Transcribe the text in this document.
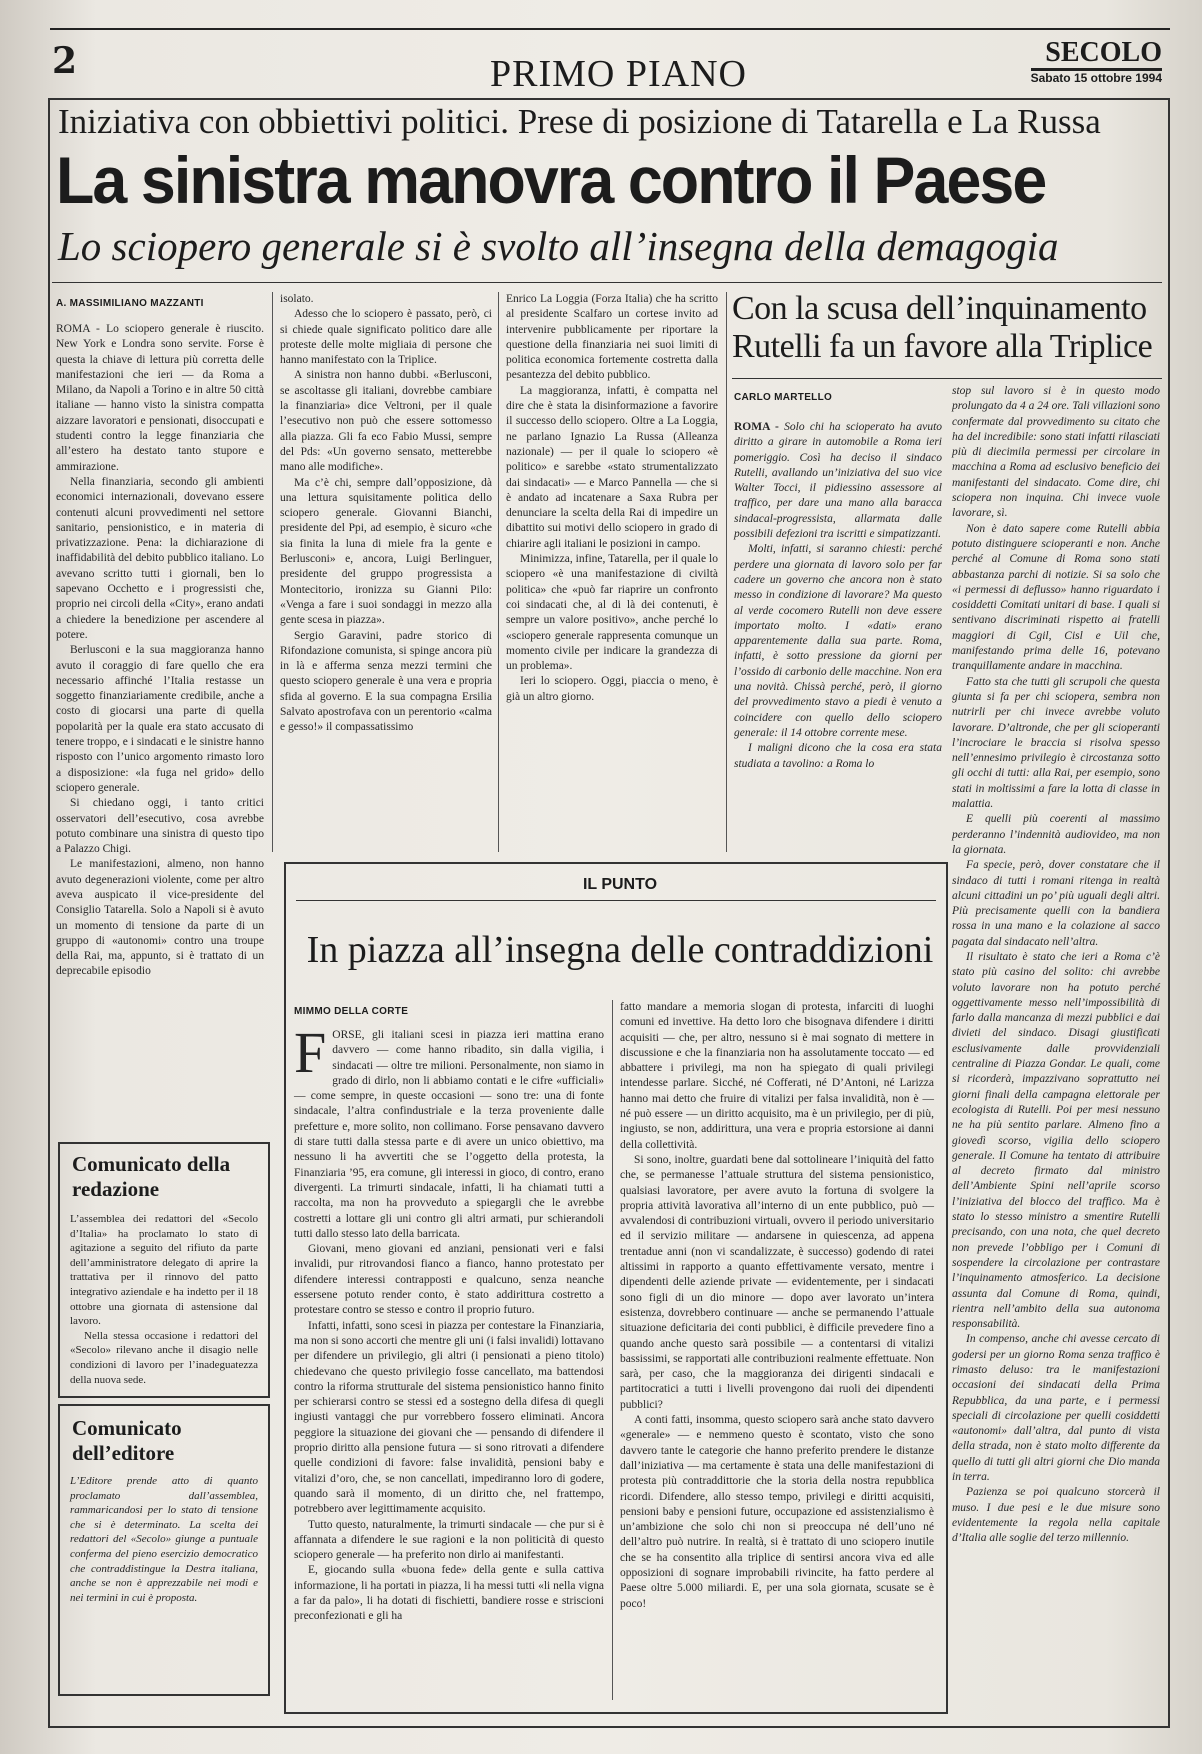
2	PRIMO PIANO
SECOLO
Sabato 15 ottobre 1994
Iniziativa con obbiettivi politici. Prese di posizione di Tatarella e La Russa
La sinistra manovra contro il Paese
Lo sciopero generale si è svolto all’insegna della demagogia
A. MASSIMILIANO MAZZANTI

ROMA - Lo sciopero generale è riuscito. New York e Londra sono servite. Forse è questa la chiave di lettura più corretta delle manifestazioni che ieri — da Roma a Milano, da Napoli a Torino e in altre 50 città italiane — hanno visto la sinistra compatta aizzare lavoratori e pensionati, disoccupati e studenti contro la legge finanziaria che all’estero ha destato tanto stupore e ammirazione.

Nella finanziaria, secondo gli ambienti economici internazionali, dovevano essere contenuti alcuni provvedimenti nel settore sanitario, pensionistico, e in materia di privatizzazione. Pena: la dichiarazione di inaffidabilità del debito pubblico italiano. Lo avevano scritto tutti i giornali, ben lo sapevano Occhetto e i progressisti che, proprio nei circoli della «City», erano andati a chiedere la benedizione per ascendere al potere.

Berlusconi e la sua maggioranza hanno avuto il coraggio di fare quello che era necessario affinché l’Italia restasse un soggetto finanziariamente credibile, anche a costo di giocarsi una parte di quella popolarità per la quale era stato accusato di tenere troppo, e i sindacati e le sinistre hanno risposto con l’unico argomento rimasto loro a disposizione: «la fuga nel grido» dello sciopero generale.

Si chiedano oggi, i tanto critici osservatori dell’esecutivo, cosa avrebbe potuto combinare una sinistra di questo tipo a Palazzo Chigi.

Le manifestazioni, almeno, non hanno avuto degenerazioni violente, come per altro aveva auspicato il vice-presidente del Consiglio Tatarella. Solo a Napoli si è avuto un momento di tensione da parte di un gruppo di «autonomi» contro una troupe della Rai, ma, appunto, si è trattato di un deprecabile episodio

isolato.

Adesso che lo sciopero è passato, però, ci si chiede quale significato politico dare alle proteste delle molte migliaia di persone che hanno manifestato con la Triplice.

A sinistra non hanno dubbi. «Berlusconi, se ascoltasse gli italiani, dovrebbe cambiare la finanziaria» dice Veltroni, per il quale l’esecutivo non può che essere sottomesso alla piazza. Gli fa eco Fabio Mussi, sempre del Pds: «Un governo sensato, metterebbe mano alle modifiche».

Ma c’è chi, sempre dall’opposizione, dà una lettura squisitamente politica dello sciopero generale. Giovanni Bianchi, presidente del Ppi, ad esempio, è sicuro «che sia finita la luna di miele fra la gente e Berlusconi» e, ancora, Luigi Berlinguer, presidente del gruppo progressista a Montecitorio, ironizza su Gianni Pilo: «Venga a fare i suoi sondaggi in mezzo alla gente scesa in piazza».

Sergio Garavini, padre storico di Rifondazione comunista, si spinge ancora più in là e afferma senza mezzi termini che questo sciopero generale è una vera e propria sfida al governo. E la sua compagna Ersilia Salvato apostrofava con un perentorio «calma e gesso!» il compassatissimo

Enrico La Loggia (Forza Italia) che ha scritto al presidente Scalfaro un cortese invito ad intervenire pubblicamente per riportare la questione della finanziaria nei suoi limiti di politica economica fortemente costretta dalla pesantezza del debito pubblico.

La maggioranza, infatti, è compatta nel dire che è stata la disinformazione a favorire il successo dello sciopero. Oltre a La Loggia, ne parlano Ignazio La Russa (Alleanza nazionale) — per il quale lo sciopero «è politico» e sarebbe «stato strumentalizzato dai sindacati» — e Marco Pannella — che si è andato ad incatenare a Saxa Rubra per denunciare la scelta della Rai di impedire un dibattito sui motivi dello sciopero in grado di chiarire agli italiani le posizioni in campo.

Minimizza, infine, Tatarella, per il quale lo sciopero «è una manifestazione di civiltà politica» che «può far riaprire un confronto coi sindacati che, al di là dei contenuti, è sempre un valore positivo», anche perché lo «sciopero generale rappresenta comunque un momento civile per indicare la grandezza di un problema».

Ieri lo sciopero. Oggi, piaccia o meno, è già un altro giorno.

Con la scusa dell’inquinamento Rutelli fa un favore alla Triplice
CARLO MARTELLO

ROMA - Solo chi ha scioperato ha avuto diritto a girare in automobile a Roma ieri pomeriggio. Così ha deciso il sindaco Rutelli, avallando un’iniziativa del suo vice Walter Tocci, il pidiessino assessore al traffico, per dare una mano alla baracca sindacal-progressista, allarmata dalle possibili defezioni tra iscritti e simpatizzanti.

Molti, infatti, si saranno chiesti: perché perdere una giornata di lavoro solo per far cadere un governo che ancora non è stato messo in condizione di lavorare? Ma questo al verde cocomero Rutelli non deve essere importato molto. I «dati» erano apparentemente dalla sua parte. Roma, infatti, è sotto pressione da giorni per l’ossido di carbonio delle macchine. Non era una novità. Chissà perché, però, il giorno del provvedimento stavo a piedi è venuto a coincidere con quello dello sciopero generale: il 14 ottobre corrente mese.

I maligni dicono che la cosa era stata studiata a tavolino: a Roma lo

stop sul lavoro si è in questo modo prolungato da 4 a 24 ore. Tali villazioni sono confermate dal provvedimento su citato che ha del incredibile: sono stati infatti rilasciati più di diecimila permessi per circolare in macchina a Roma ad esclusivo beneficio dei manifestanti del sindacato. Come dire, chi sciopera non inquina. Chi invece vuole lavorare, sì.

Non è dato sapere come Rutelli abbia potuto distinguere scioperanti e non. Anche perché al Comune di Roma sono stati abbastanza parchi di notizie. Si sa solo che «i permessi di deflusso» hanno riguardato i cosiddetti Comitati unitari di base. I quali si sentivano discriminati rispetto ai fratelli maggiori di Cgil, Cisl e Uil che, manifestando prima delle 16, potevano tranquillamente andare in macchina.

Fatto sta che tutti gli scrupoli che questa giunta si fa per chi sciopera, sembra non nutrirli per chi invece avrebbe voluto lavorare. D’altronde, che per gli scioperanti l’incrociare le braccia si risolva spesso nell’ennesimo privilegio è circostanza sotto gli occhi di tutti: alla Rai, per esempio, sono stati in moltissimi a fare la lotta di classe in malattia.

E quelli più coerenti al massimo perderanno l’indennità audiovideo, ma non la giornata.

Fa specie, però, dover constatare che il sindaco di tutti i romani ritenga in realtà alcuni cittadini un po’ più uguali degli altri. Più precisamente quelli con la bandiera rossa in una mano e la colazione al sacco pagata dal sindacato nell’altra.

Il risultato è stato che ieri a Roma c’è stato più casino del solito: chi avrebbe voluto lavorare non ha potuto perché oggettivamente messo nell’impossibilità di farlo dalla mancanza di mezzi pubblici e dai divieti del sindaco. Disagi giustificati esclusivamente dalle provvidenziali centraline di Piazza Gondar. Le quali, come si ricorderà, impazzivano soprattutto nei giorni finali della campagna elettorale per ecologista di Rutelli. Poi per mesi nessuno ne ha più sentito parlare. Almeno fino a giovedì scorso, vigilia dello sciopero generale. Il Comune ha tentato di attribuire al decreto firmato dal ministro dell’Ambiente Spini nell’aprile scorso l’iniziativa del blocco del traffico. Ma è stato lo stesso ministro a smentire Rutelli precisando, con una nota, che quel decreto non prevede l’obbligo per i Comuni di sospendere la circolazione per contrastare l’inquinamento atmosferico. La decisione assunta dal Comune di Roma, quindi, rientra nell’ambito della sua autonoma responsabilità.

In compenso, anche chi avesse cercato di godersi per un giorno Roma senza traffico è rimasto deluso: tra le manifestazioni occasioni dei sindacati della Prima Repubblica, da una parte, e i permessi speciali di circolazione per quelli cosiddetti «autonomi» dall’altra, dal punto di vista della strada, non è stato molto differente da quello di tutti gli altri giorni che Dio manda in terra.

Pazienza se poi qualcuno storcerà il muso. I due pesi e le due misure sono evidentemente la regola nella capitale d’Italia alle soglie del terzo millennio.

IL PUNTO
In piazza all’insegna delle contraddizioni
MIMMO DELLA CORTE

FORSE, gli italiani scesi in piazza ieri mattina erano davvero — come hanno ribadito, sin dalla vigilia, i sindacati — oltre tre milioni. Personalmente, non siamo in grado di dirlo, non li abbiamo contati e le cifre «ufficiali» — come sempre, in queste occasioni — sono tre: una di fonte sindacale, l’altra confindustriale e la terza proveniente dalle prefetture e, more solito, non collimano. Forse pensavano davvero di stare tutti dalla stessa parte e di avere un unico obiettivo, ma nessuno li ha avvertiti che se l’oggetto della protesta, la Finanziaria ’95, era comune, gli interessi in gioco, di contro, erano divergenti. La trimurti sindacale, infatti, li ha chiamati tutti a raccolta, ma non ha provveduto a spiegargli che le avrebbe costretti a lottare gli uni contro gli altri armati, pur schierandoli tutti dallo stesso lato della barricata.

Giovani, meno giovani ed anziani, pensionati veri e falsi invalidi, pur ritrovandosi fianco a fianco, hanno protestato per difendere interessi contrapposti e qualcuno, senza neanche essersene potuto render conto, è stato addirittura costretto a protestare contro se stesso e contro il proprio futuro.

Infatti, infatti, sono scesi in piazza per contestare la Finanziaria, ma non si sono accorti che mentre gli uni (i falsi invalidi) lottavano per difendere un privilegio, gli altri (i pensionati a pieno titolo) chiedevano che questo privilegio fosse cancellato, ma battendosi contro la riforma strutturale del sistema pensionistico hanno finito per schierarsi contro se stessi ed a sostegno della difesa di quegli ingiusti vantaggi che pur vorrebbero fossero eliminati. Ancora peggiore la situazione dei giovani che — pensando di difendere il proprio diritto alla pensione futura — si sono ritrovati a difendere quelle condizioni di favore: false invalidità, pensioni baby e vitalizi d’oro, che, se non cancellati, impediranno loro di godere, quando sarà il momento, di un diritto che, nel frattempo, potrebbero aver legittimamente acquisito.

Tutto questo, naturalmente, la trimurti sindacale — che pur si è affannata a difendere le sue ragioni e la non politicità di questo sciopero generale — ha preferito non dirlo ai manifestanti.

E, giocando sulla «buona fede» della gente e sulla cattiva informazione, li ha portati in piazza, li ha messi tutti «li nella vigna a far da palo», li ha dotati di fischietti, bandiere rosse e striscioni preconfezionati e gli ha

fatto mandare a memoria slogan di protesta, infarciti di luoghi comuni ed invettive. Ha detto loro che bisognava difendere i diritti acquisiti — che, per altro, nessuno si è mai sognato di mettere in discussione e che la finanziaria non ha assolutamente toccato — ed abbattere i privilegi, ma non ha spiegato di quali privilegi intendesse parlare. Sicché, né Cofferati, né D’Antoni, né Larizza hanno mai detto che fruire di vitalizi per falsa invalidità, non è — né può essere — un diritto acquisito, ma è un privilegio, per di più, ingiusto, se non, addirittura, una vera e propria estorsione ai danni della collettività.

Si sono, inoltre, guardati bene dal sottolineare l’iniquità del fatto che, se permanesse l’attuale struttura del sistema pensionistico, qualsiasi lavoratore, per avere avuto la fortuna di svolgere la propria attività lavorativa all’interno di un ente pubblico, può — avvalendosi di contribuzioni virtuali, ovvero il periodo universitario ed il servizio militare — andarsene in quiescenza, ad appena trentadue anni (non vi scandalizzate, è successo) godendo di ratei altissimi in rapporto a quanto effettivamente versato, mentre i dipendenti delle aziende private — evidentemente, per i sindacati sono figli di un dio minore — dopo aver lavorato un’intera esistenza, dovrebbero continuare — anche se permanendo l’attuale situazione deficitaria dei conti pubblici, è difficile prevedere fino a quando anche questo sarà possibile — a contentarsi di vitalizi bassissimi, se rapportati alle contribuzioni realmente effettuate. Non sarà, per caso, che la maggioranza dei dirigenti sindacali e partitocratici a tutti i livelli provengono dai ruoli dei dipendenti pubblici?

A conti fatti, insomma, questo sciopero sarà anche stato davvero «generale» — e nemmeno questo è scontato, visto che sono davvero tante le categorie che hanno preferito prendere le distanze dall’iniziativa — ma certamente è stata una delle manifestazioni di protesta più contraddittorie che la storia della nostra repubblica ricordi. Difendere, allo stesso tempo, privilegi e diritti acquisiti, pensioni baby e pensioni future, occupazione ed assistenzialismo è un’ambizione che solo chi non si preoccupa né dell’uno né dell’altro può nutrire. In realtà, si è trattato di uno sciopero inutile che se ha consentito alla triplice di sentirsi ancora viva ed alle opposizioni di sognare improbabili rivincite, ha fatto perdere al Paese oltre 5.000 miliardi. E, per una sola giornata, scusate se è poco!

Comunicato della redazione

L’assemblea dei redattori del «Secolo d’Italia» ha proclamato lo stato di agitazione a seguito del rifiuto da parte dell’amministratore delegato di aprire la trattativa per il rinnovo del patto integrativo aziendale e ha indetto per il 18 ottobre una giornata di astensione dal lavoro.

Nella stessa occasione i redattori del «Secolo» rilevano anche il disagio nelle condizioni di lavoro per l’inadeguatezza della nuova sede.

Comunicato dell’editore

L’Editore prende atto di quanto proclamato dall’assemblea, rammaricandosi per lo stato di tensione che si è determinato. La scelta dei redattori del «Secolo» giunge a puntuale conferma del pieno esercizio democratico che contraddistingue la Destra italiana, anche se non è apprezzabile nei modi e nei termini in cui è proposta.
